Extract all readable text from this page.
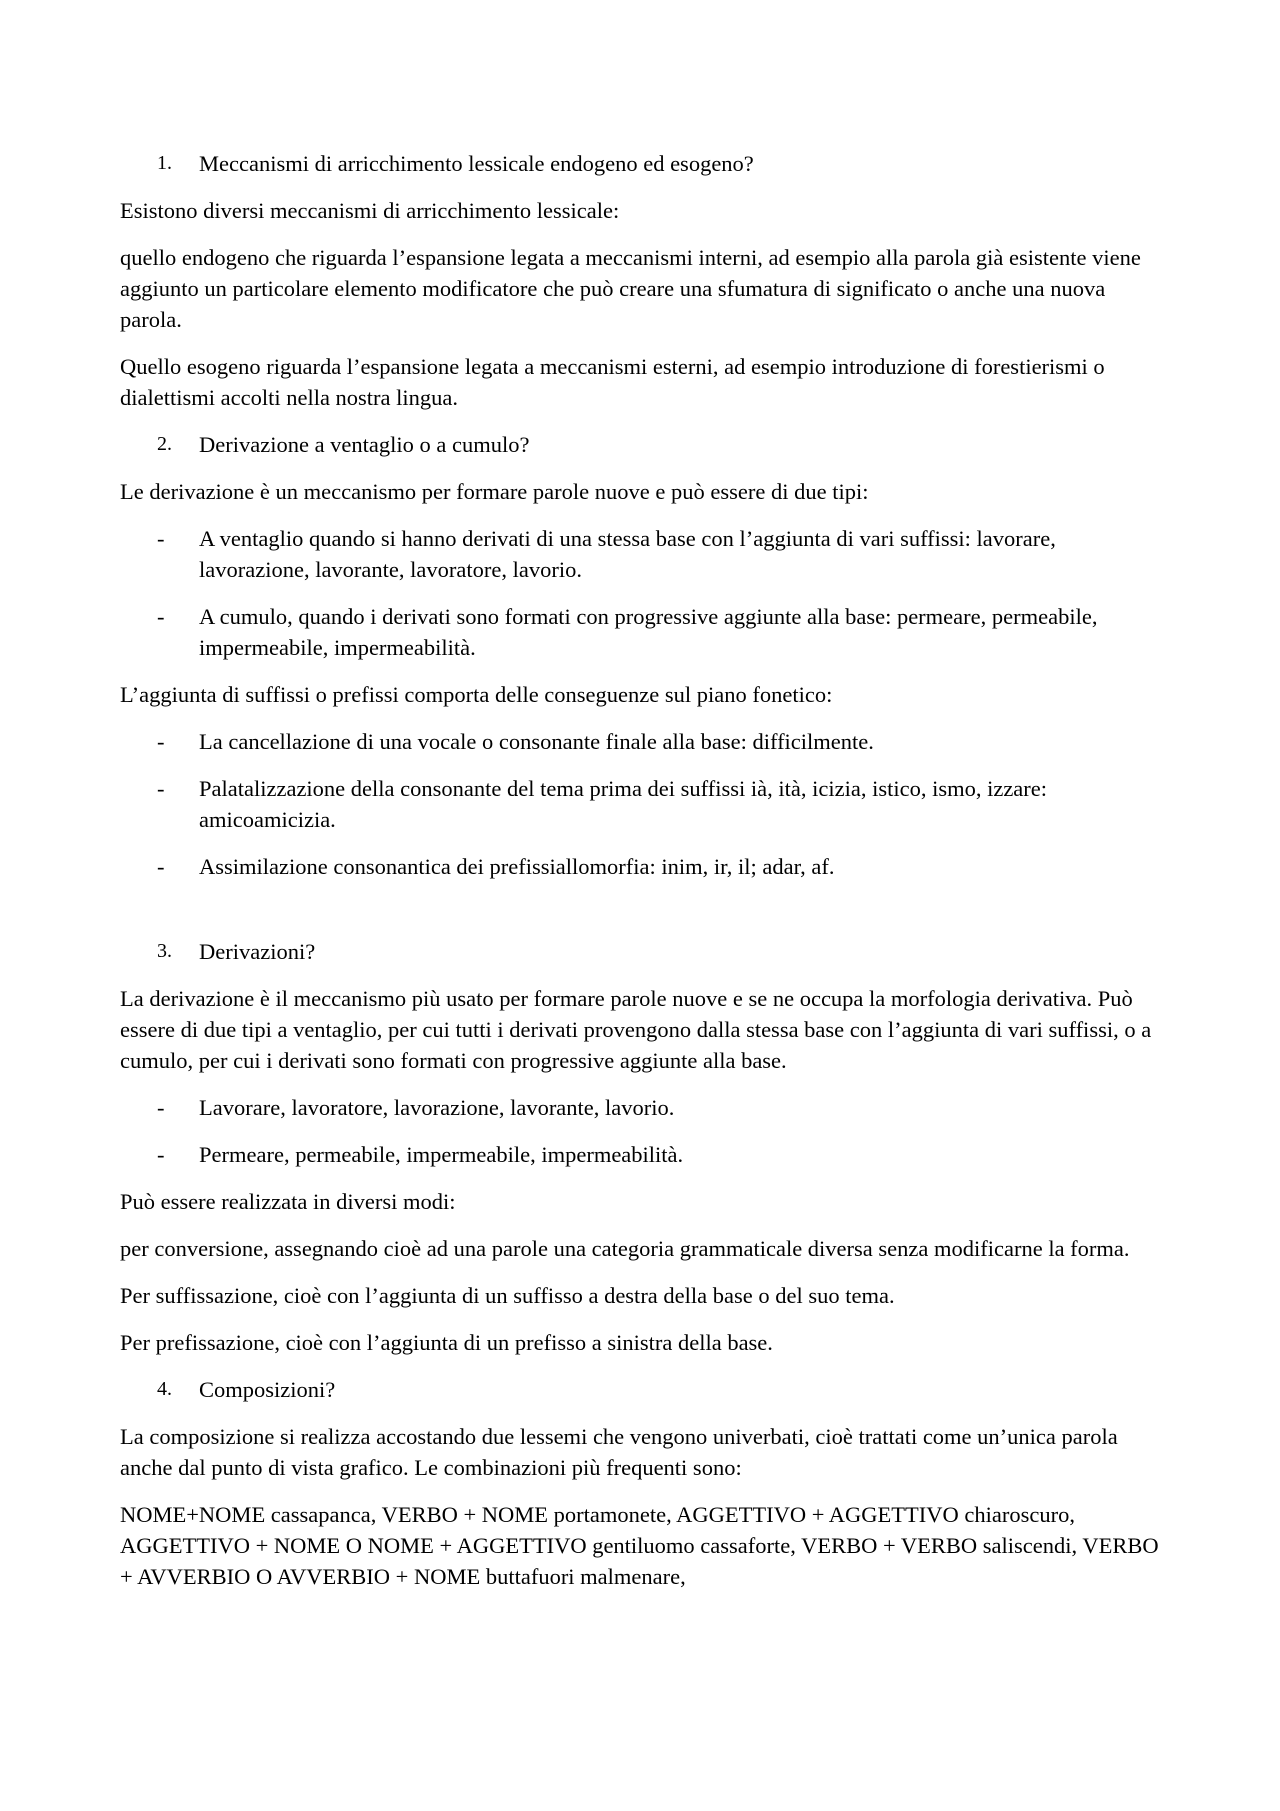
1. Meccanismi di arricchimento lessicale endogeno ed esogeno?

Esistono diversi meccanismi di arricchimento lessicale:

quello endogeno che riguarda l’espansione legata a meccanismi interni, ad esempio alla parola già esistente viene aggiunto un particolare elemento modificatore che può creare una sfumatura di significato o anche una nuova parola.

Quello esogeno riguarda l’espansione legata a meccanismi esterni, ad esempio introduzione di forestierismi o dialettismi accolti nella nostra lingua.

2. Derivazione a ventaglio o a cumulo?

Le derivazione è un meccanismo per formare parole nuove e può essere di due tipi:

- A ventaglio quando si hanno derivati di una stessa base con l’aggiunta di vari suffissi: lavorare, lavorazione, lavorante, lavoratore, lavorio.
- A cumulo, quando i derivati sono formati con progressive aggiunte alla base: permeare, permeabile, impermeabile, impermeabilità.

L’aggiunta di suffissi o prefissi comporta delle conseguenze sul piano fonetico:

- La cancellazione di una vocale o consonante finale alla base: difficilmente.
- Palatalizzazione della consonante del tema prima dei suffissi ià, ità, icizia, istico, ismo, izzare: amicoamicizia.
- Assimilazione consonantica dei prefissiallomorfia: inim, ir, il; adar, af.
3. Derivazioni?

La derivazione è il meccanismo più usato per formare parole nuove e se ne occupa la morfologia derivativa. Può essere di due tipi a ventaglio, per cui tutti i derivati provengono dalla stessa base con l’aggiunta di vari suffissi, o a cumulo, per cui i derivati sono formati con progressive aggiunte alla base.

- Lavorare, lavoratore, lavorazione, lavorante, lavorio.
- Permeare, permeabile, impermeabile, impermeabilità.

Può essere realizzata in diversi modi:

per conversione, assegnando cioè ad una parole una categoria grammaticale diversa senza modificarne la forma.

Per suffissazione, cioè con l’aggiunta di un suffisso a destra della base o del suo tema.

Per prefissazione, cioè con l’aggiunta di un prefisso a sinistra della base.

4. Composizioni?

La composizione si realizza accostando due lessemi che vengono univerbati, cioè trattati come un’unica parola anche dal punto di vista grafico. Le combinazioni più frequenti sono:

NOME+NOME cassapanca, VERBO + NOME portamonete, AGGETTIVO + AGGETTIVO chiaroscuro, AGGETTIVO + NOME O NOME + AGGETTIVO gentiluomo cassaforte, VERBO + VERBO saliscendi, VERBO + AVVERBIO O AVVERBIO + NOME buttafuori malmenare,
